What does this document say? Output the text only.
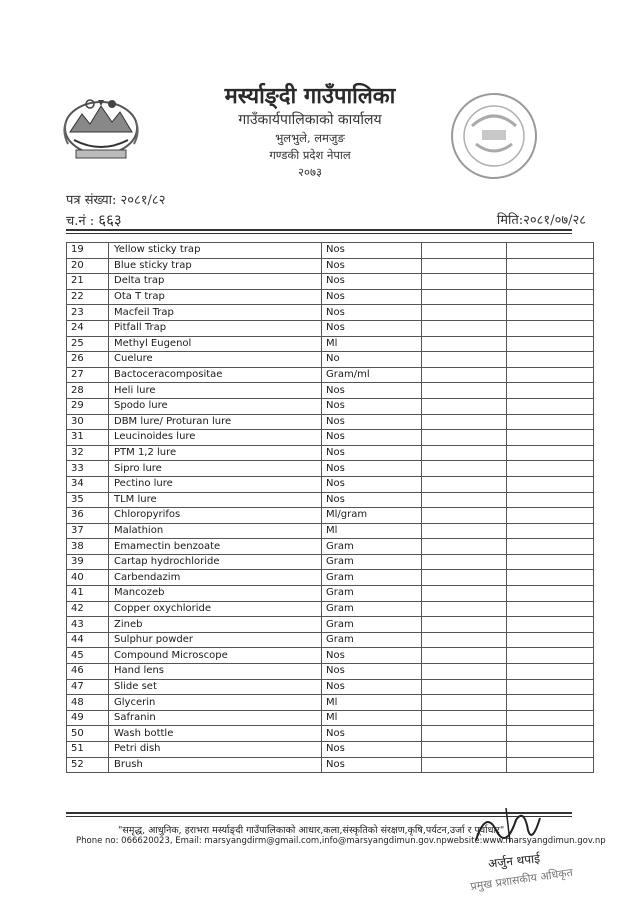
मर्स्याङ्दी गाउँपालिका
गाउँकार्यपालिकाको कार्यालय
भुलभुले, लमजुङ
गण्डकी प्रदेश नेपाल
२०७३
पत्र संख्या: २०८१/८२
च.नं : ६६३	मिति:२०८१/०७/२८
19	Yellow sticky trap	Nos		
20	Blue sticky trap	Nos		
21	Delta trap	Nos		
22	Ota T trap	Nos		
23	Macfeil Trap	Nos		
24	Pitfall Trap	Nos		
25	Methyl Eugenol	Ml		
26	Cuelure	No		
27	Bactoceracompositae	Gram/ml		
28	Heli lure	Nos		
29	Spodo lure	Nos		
30	DBM lure/ Proturan lure	Nos		
31	Leucinoides lure	Nos		
32	PTM 1,2 lure	Nos		
33	Sipro lure	Nos		
34	Pectino lure	Nos		
35	TLM lure	Nos		
36	Chloropyrifos	Ml/gram		
37	Malathion	Ml		
38	Emamectin benzoate	Gram		
39	Cartap hydrochloride	Gram		
40	Carbendazim	Gram		
41	Mancozeb	Gram		
42	Copper oxychloride	Gram		
43	Zineb	Gram		
44	Sulphur powder	Gram		
45	Compound Microscope	Nos		
46	Hand lens	Nos		
47	Slide set	Nos		
48	Glycerin	Ml		
49	Safranin	Ml		
50	Wash bottle	Nos		
51	Petri dish	Nos		
52	Brush	Nos		
"समृद्ध, आधुनिक, हराभरा मर्स्याङ्दी गाउँपालिकाको आधार,कला,संस्कृतिको संरक्षण,कृषि,पर्यटन,उर्जा र पूर्वाधार"
Phone no: 066620023, Email: marsyangdirm@gmail.com,info@marsyangdimun.gov.npwebsite:www.marsyangdimun.gov.np
अर्जुन थपाई
प्रमुख प्रशासकीय अधिकृत
